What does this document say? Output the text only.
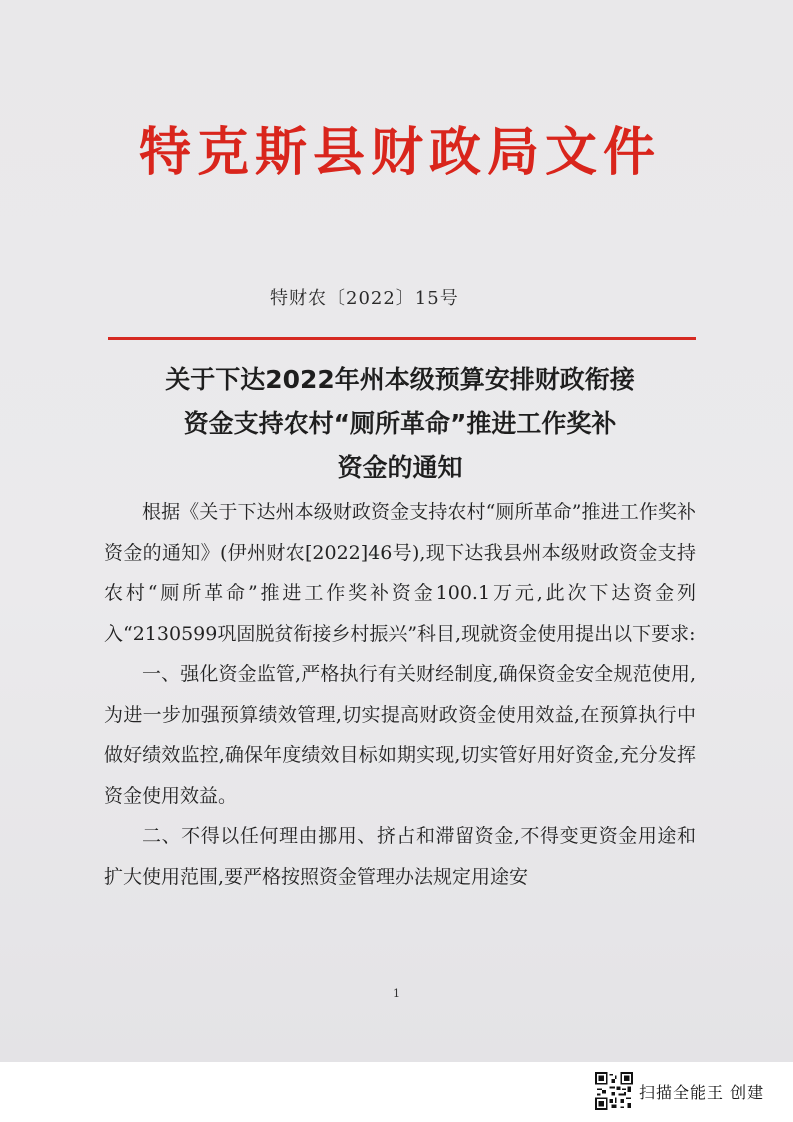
特克斯县财政局文件
特财农〔2022〕15号
关于下达2022年州本级预算安排财政衔接
资金支持农村“厕所革命”推进工作奖补
资金的通知

根据《关于下达州本级财政资金支持农村“厕所革命”推进工作奖补资金的通知》(伊州财农[2022]46号),现下达我县州本级财政资金支持农村“厕所革命”推进工作奖补资金100.1万元,此次下达资金列入“2130599巩固脱贫衔接乡村振兴”科目,现就资金使用提出以下要求:

一、强化资金监管,严格执行有关财经制度,确保资金安全规范使用,为进一步加强预算绩效管理,切实提高财政资金使用效益,在预算执行中做好绩效监控,确保年度绩效目标如期实现,切实管好用好资金,充分发挥资金使用效益。

二、不得以任何理由挪用、挤占和滞留资金,不得变更资金用途和扩大使用范围,要严格按照资金管理办法规定用途安

1
扫描全能王 创建
